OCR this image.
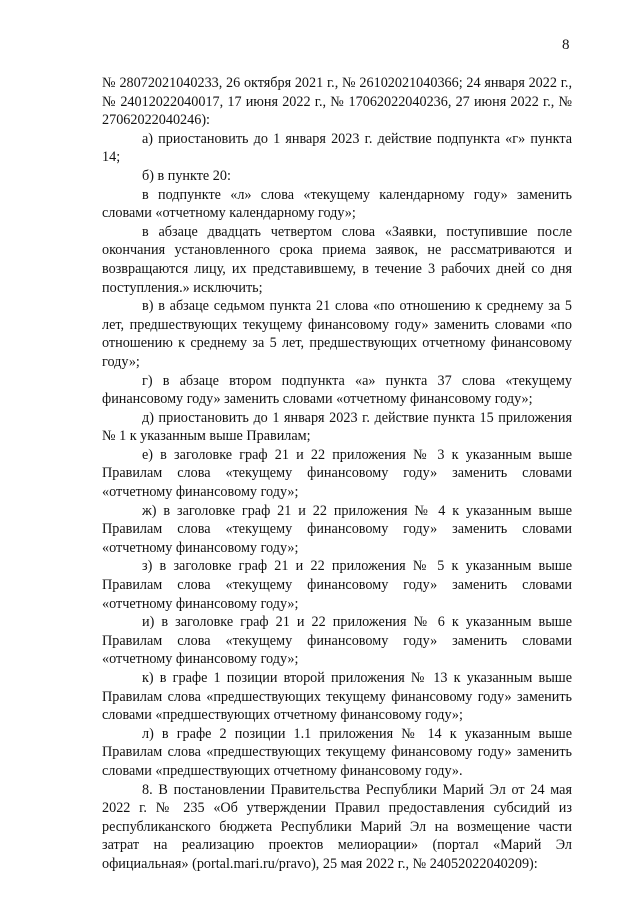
8

№ 28072021040233, 26 октября 2021 г., № 26102021040366; 24 января 2022 г., № 24012022040017, 17 июня 2022 г., № 17062022040236, 27 июня 2022 г., № 27062022040246):

а) приостановить до 1 января 2023 г. действие подпункта «г» пункта 14;

б) в пункте 20:

в подпункте «л» слова «текущему календарному году» заменить словами «отчетному календарному году»;

в абзаце двадцать четвертом слова «Заявки, поступившие после окончания установленного срока приема заявок, не рассматриваются и возвращаются лицу, их представившему, в течение 3 рабочих дней со дня поступления.» исключить;

в) в абзаце седьмом пункта 21 слова «по отношению к среднему за 5 лет, предшествующих текущему финансовому году» заменить словами «по отношению к среднему за 5 лет, предшествующих отчетному финансовому году»;

г) в абзаце втором подпункта «а» пункта 37 слова «текущему финансовому году» заменить словами «отчетному финансовому году»;

д) приостановить до 1 января 2023 г. действие пункта 15 приложения № 1 к указанным выше Правилам;

е) в заголовке граф 21 и 22 приложения № 3 к указанным выше Правилам слова «текущему финансовому году» заменить словами «отчетному финансовому году»;

ж) в заголовке граф 21 и 22 приложения № 4 к указанным выше Правилам слова «текущему финансовому году» заменить словами «отчетному финансовому году»;

з) в заголовке граф 21 и 22 приложения № 5 к указанным выше Правилам слова «текущему финансовому году» заменить словами «отчетному финансовому году»;

и) в заголовке граф 21 и 22 приложения № 6 к указанным выше Правилам слова «текущему финансовому году» заменить словами «отчетному финансовому году»;

к) в графе 1 позиции второй приложения № 13 к указанным выше Правилам слова «предшествующих текущему финансовому году» заменить словами «предшествующих отчетному финансовому году»;

л) в графе 2 позиции 1.1 приложения № 14 к указанным выше Правилам слова «предшествующих текущему финансовому году» заменить словами «предшествующих отчетному финансовому году».

8. В постановлении Правительства Республики Марий Эл от 24 мая 2022 г. № 235 «Об утверждении Правил предоставления субсидий из республиканского бюджета Республики Марий Эл на возмещение части затрат на реализацию проектов мелиорации» (портал «Марий Эл официальная» (portal.mari.ru/pravo), 25 мая 2022 г., № 24052022040209):
